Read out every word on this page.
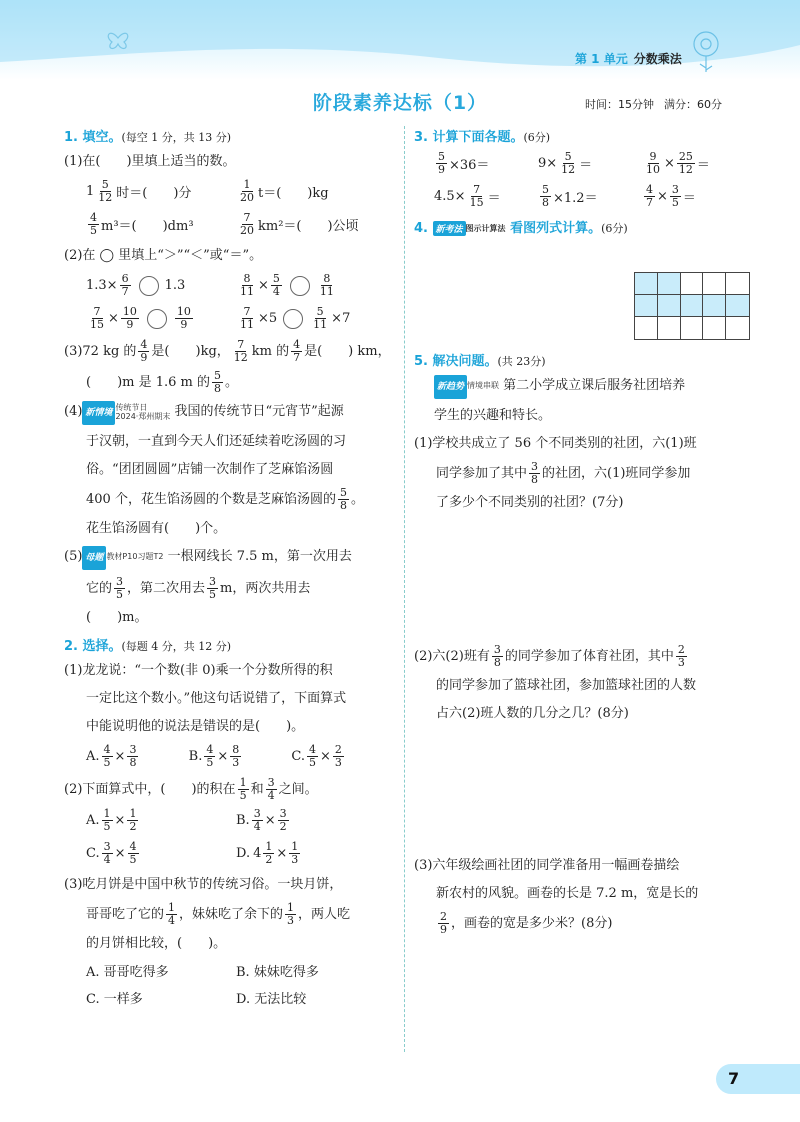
第 1 单元 分数乘法
阶段素养达标（1）	时间：15分钟 满分：60分
1. 填空。(每空 1 分，共 13 分)
(1)在(　　)里填上适当的数。
$1 \frac{5}{12}$ 时＝(　　)分	$\frac{1}{20} t=$(　　)kg
$\frac{4}{5} m^3=$(　　)dm³	$\frac{7}{20} km^2=$(　　)公顷
(2)在 ◯ 里填上“＞”“＜”或“＝”。
$1.3\times \frac{6}{7}$	1.3	$\frac{8}{11} \times \frac{5}{4}$	$\frac{8}{11}$
$\frac{7}{15} \times \frac{10}{9}$	$\frac{10}{9}$	$\frac{7}{11} \times 5$	$\frac{5}{11} \times 7$
(3)72 kg 的 $\frac{4}{9}$ 是(　　)kg， $\frac{7}{12}$ km 的 $\frac{4}{7}$ 是(　　) km，
(　　)m 是 1.6 m 的 $\frac{5}{8}$ 。
(4) 新情境传统节日
2024·郑州期末 我国的传统节日“元宵节”起源
于汉朝，一直到今天人们还延续着吃汤圆的习
俗。“团团圆圆”店铺一次制作了芝麻馅汤圆
400 个，花生馅汤圆的个数是芝麻馅汤圆的 $\frac{5}{8}$ 。
花生馅汤圆有(　　)个。
(5) 母题 教材P10习题T2 一根网线长 7.5 m，第一次用去
它的 $\frac{3}{5}$ ，第二次用去 $\frac{3}{5}$ m，两次共用去
(　　)m。
2. 选择。(每题 4 分，共 12 分)
(1)龙龙说：“一个数(非 0)乘一个分数所得的积
一定比这个数小。”他这句话说错了，下面算式
中能说明他的说法是错误的是(　　)。
A. $\frac{4}{5} \times \frac{3}{8}$	B. $\frac{4}{5} \times \frac{8}{3}$	C. $\frac{4}{5} \times \frac{2}{3}$
(2)下面算式中，(　　)的积在 $\frac{1}{5}$ 和 $\frac{3}{4}$ 之间。
A. $\frac{1}{5} \times \frac{1}{2}$	B. $\frac{3}{4} \times \frac{3}{2}$
C. $\frac{3}{4} \times \frac{4}{5}$	D. $4 \frac{1}{2} \times \frac{1}{3}$
(3)吃月饼是中国中秋节的传统习俗。一块月饼，
哥哥吃了它的 $\frac{1}{4}$ ，妹妹吃了余下的 $\frac{1}{3}$ ，两人吃
的月饼相比较，(　　)。
A. 哥哥吃得多	B. 妹妹吃得多
C. 一样多	D. 无法比较
3. 计算下面各题。(6分)
$\frac{5}{9} \times 36=$	$9\times \frac{5}{12}$ ＝	$\frac{9}{10} \times \frac{25}{12}$ ＝
$4.5\times \frac{7}{15}$ ＝	$\frac{5}{8} \times 1.2=$	$\frac{4}{7} \times \frac{3}{5}$ ＝
4. 新考法 图示计算法 看图列式计算。(6分)
5. 解决问题。(共 23分)
新趋势 情境串联 第二小学成立课后服务社团培养
学生的兴趣和特长。
(1)学校共成立了 56 个不同类别的社团，六(1)班
同学参加了其中 $\frac{3}{8}$ 的社团，六(1)班同学参加
了多少个不同类别的社团？(7分)
(2)六(2)班有 $\frac{3}{8}$ 的同学参加了体育社团，其中 $\frac{2}{3}$
的同学参加了篮球社团，参加篮球社团的人数
占六(2)班人数的几分之几？(8分)
(3)六年级绘画社团的同学准备用一幅画卷描绘
新农村的风貌。画卷的长是 7.2 m，宽是长的
$\frac{2}{9}$ ，画卷的宽是多少米？(8分)
7
